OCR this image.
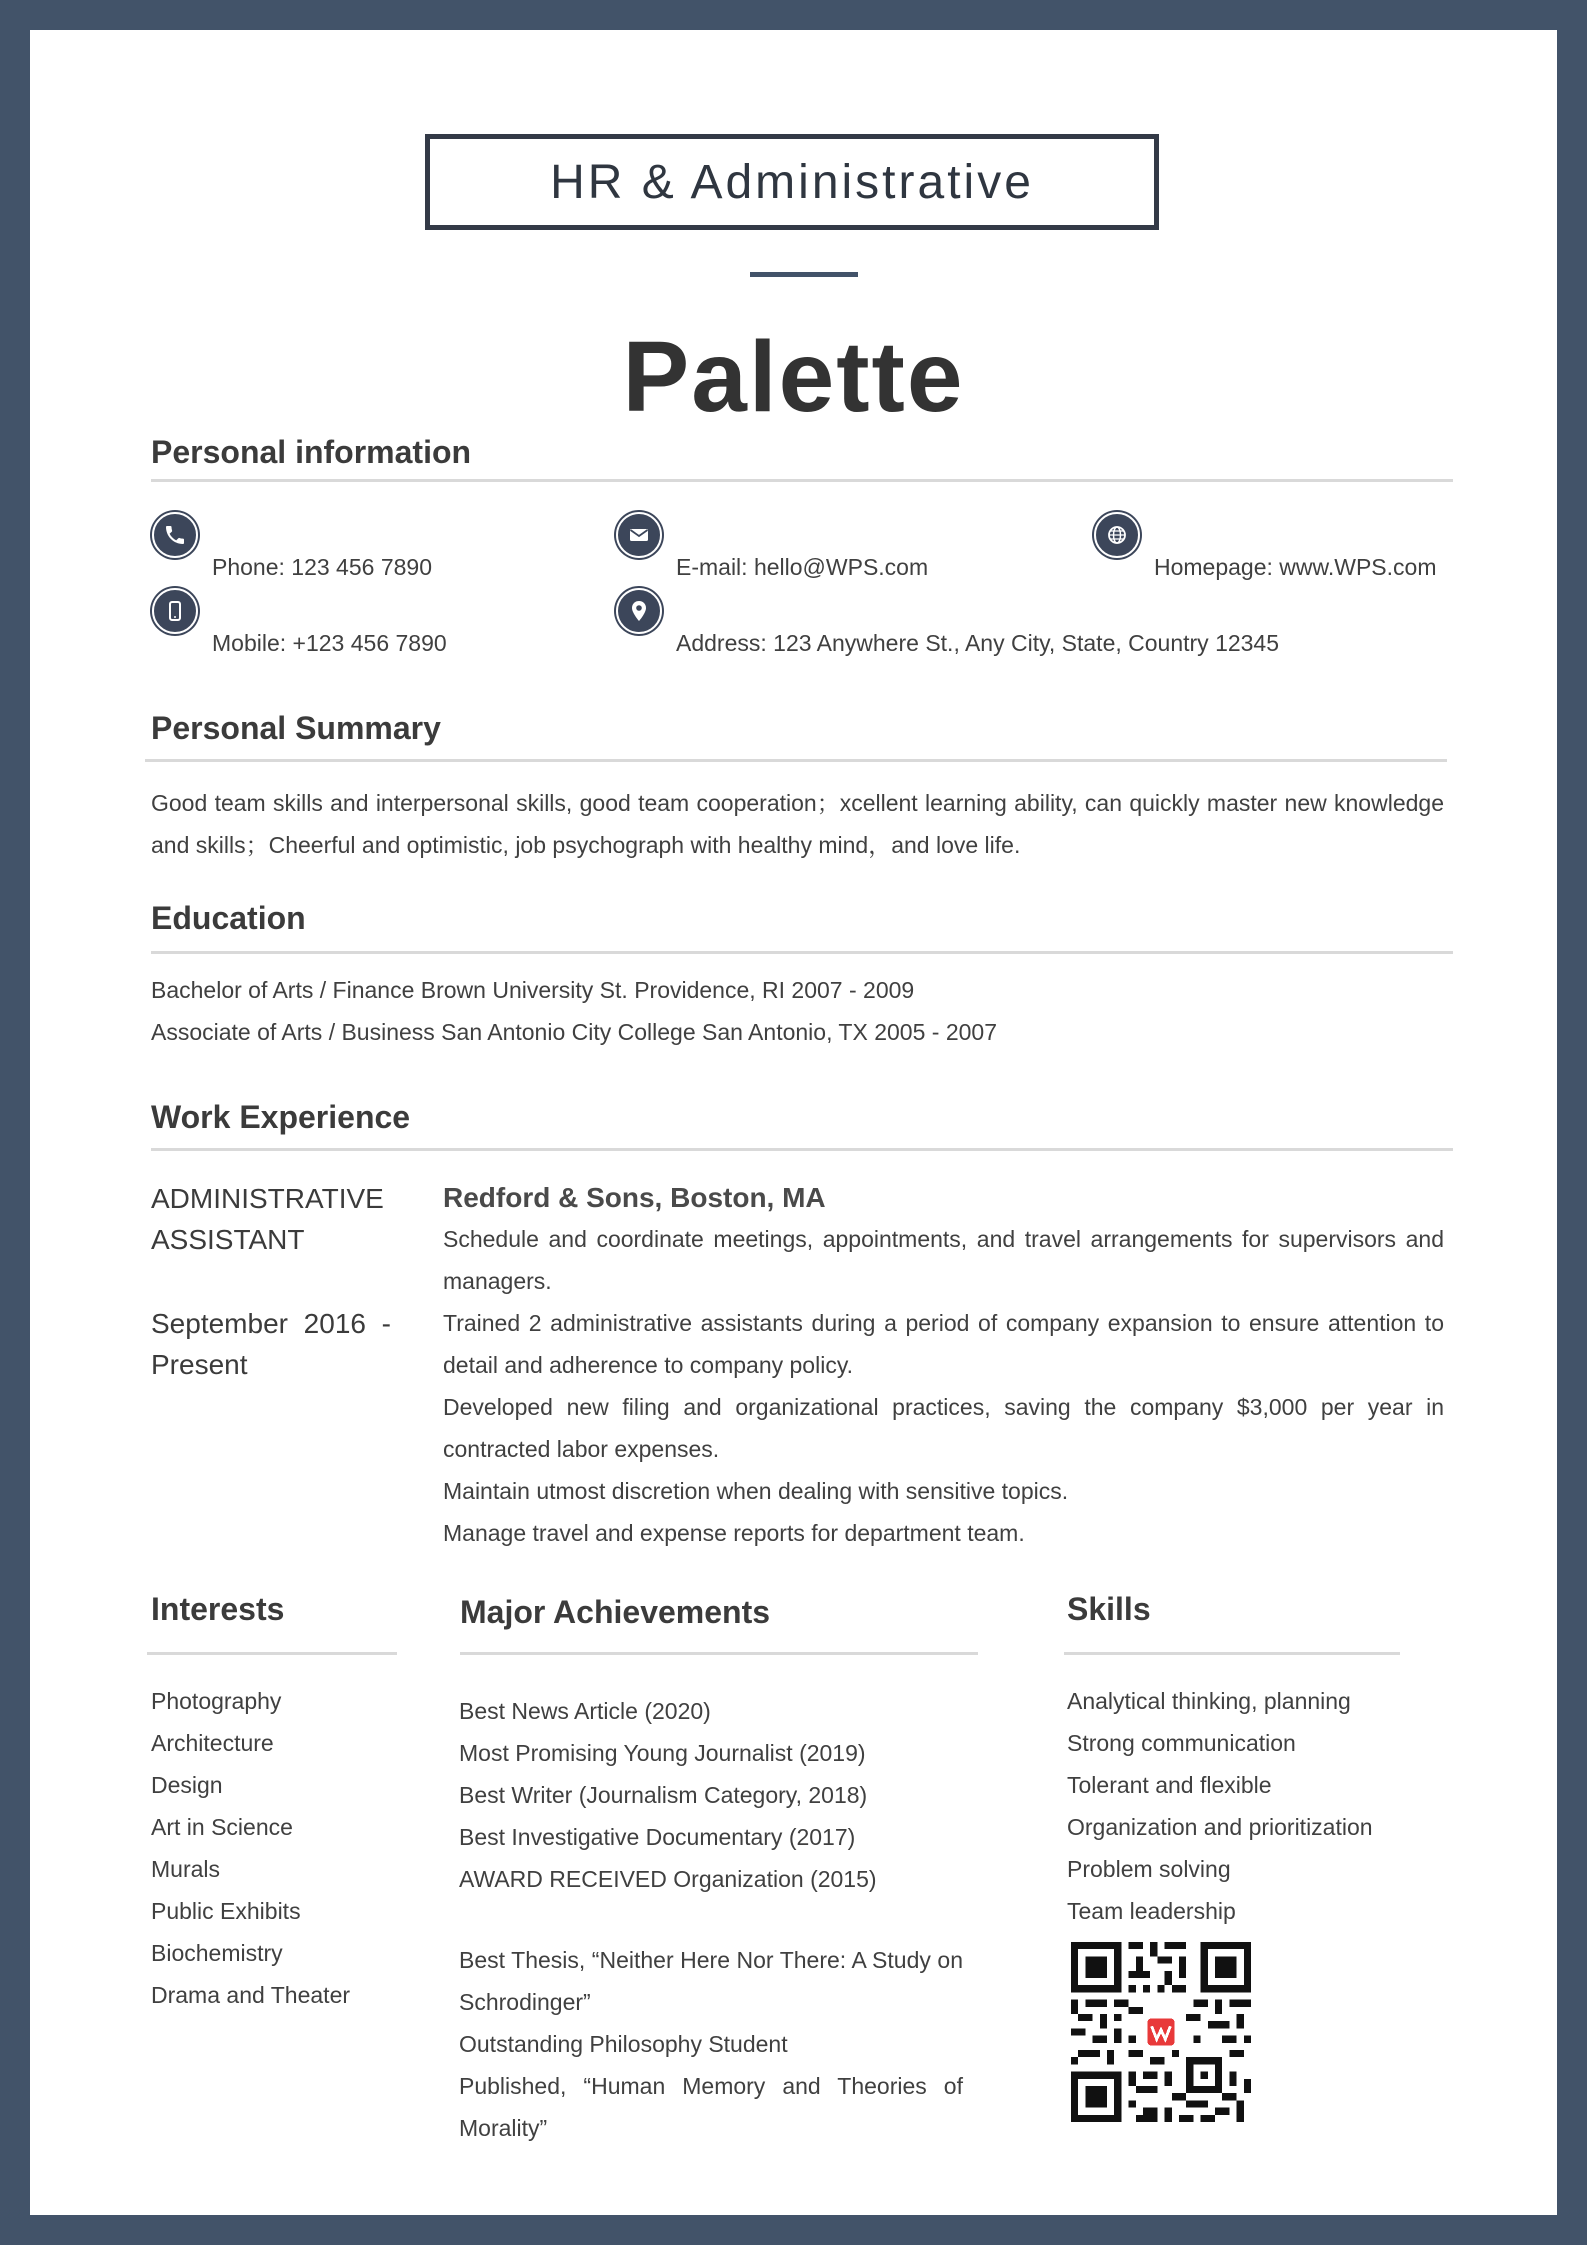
HR & Administrative
Palette
Personal information
Phone: 123 456 7890	E-mail: hello@WPS.com	Homepage: www.WPS.com
Mobile: +123 456 7890	Address: 123 Anywhere St., Any City, State, Country 12345
Personal Summary
Good team skills and interpersonal skills, good team cooperation；xcellent learning ability, can quickly master new knowledge and skills；Cheerful and optimistic, job psychograph with healthy mind，and love life.
Education
Bachelor of Arts / Finance Brown University St. Providence, RI 2007 - 2009
Associate of Arts / Business San Antonio City College San Antonio, TX 2005 - 2007
Work Experience
ADMINISTRATIVE ASSISTANT
September 2016 - Present
Redford & Sons, Boston, MA
Schedule and coordinate meetings, appointments, and travel arrangements for supervisors and managers.
Trained 2 administrative assistants during a period of company expansion to ensure attention to detail and adherence to company policy.
Developed new filing and organizational practices, saving the company $3,000 per year in contracted labor expenses.
Maintain utmost discretion when dealing with sensitive topics.
Manage travel and expense reports for department team.
Interests
Photography
Architecture
Design
Art in Science
Murals
Public Exhibits
Biochemistry
Drama and Theater
Major Achievements
Best News Article (2020)
Most Promising Young Journalist (2019)
Best Writer (Journalism Category, 2018)
Best Investigative Documentary (2017)
AWARD RECEIVED Organization (2015)
Best Thesis, “Neither Here Nor There: A Study on Schrodinger”
Outstanding Philosophy Student
Published, “Human Memory and Theories of Morality”
Skills
Analytical thinking, planning
Strong communication
Tolerant and flexible
Organization and prioritization
Problem solving
Team leadership
